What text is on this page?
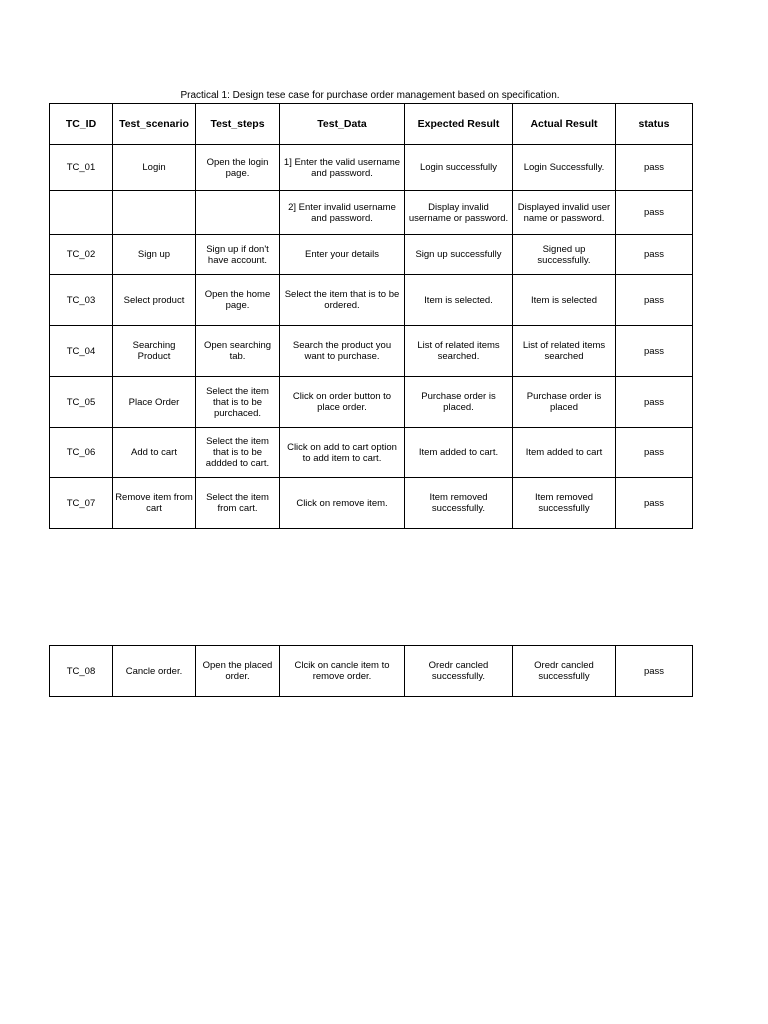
Practical 1: Design tese case for purchase order management based on specification.
TC_ID	Test_scenario	Test_steps	Test_Data	Expected Result	Actual Result	status
TC_01	Login	Open the login page.	1] Enter the valid username and password.	Login successfully	Login Successfully.	pass
			2] Enter invalid username and password.	Display invalid username or password.	Displayed invalid user name or password.	pass
TC_02	Sign up	Sign up if don't have account.	Enter your details	Sign up successfully	Signed up successfully.	pass
TC_03	Select product	Open the home page.	Select the item that is to be ordered.	Item is selected.	Item is selected	pass
TC_04	Searching Product	Open searching tab.	Search the product you want to purchase.	List of related items searched.	List of related items searched	pass
TC_05	Place Order	Select the item that is to be purchaced.	Click on order button to place order.	Purchase order is placed.	Purchase order is placed	pass
TC_06	Add to cart	Select the item that is to be addded to cart.	Click on add to cart option to add item to cart.	Item added to cart.	Item added to cart	pass
TC_07	Remove item from cart	Select the item from cart.	Click on remove item.	Item removed successfully.	Item removed successfully	pass
TC_08	Cancle order.	Open the placed order.	Clcik on cancle item to remove order.	Oredr cancled successfully.	Oredr cancled successfully	pass
